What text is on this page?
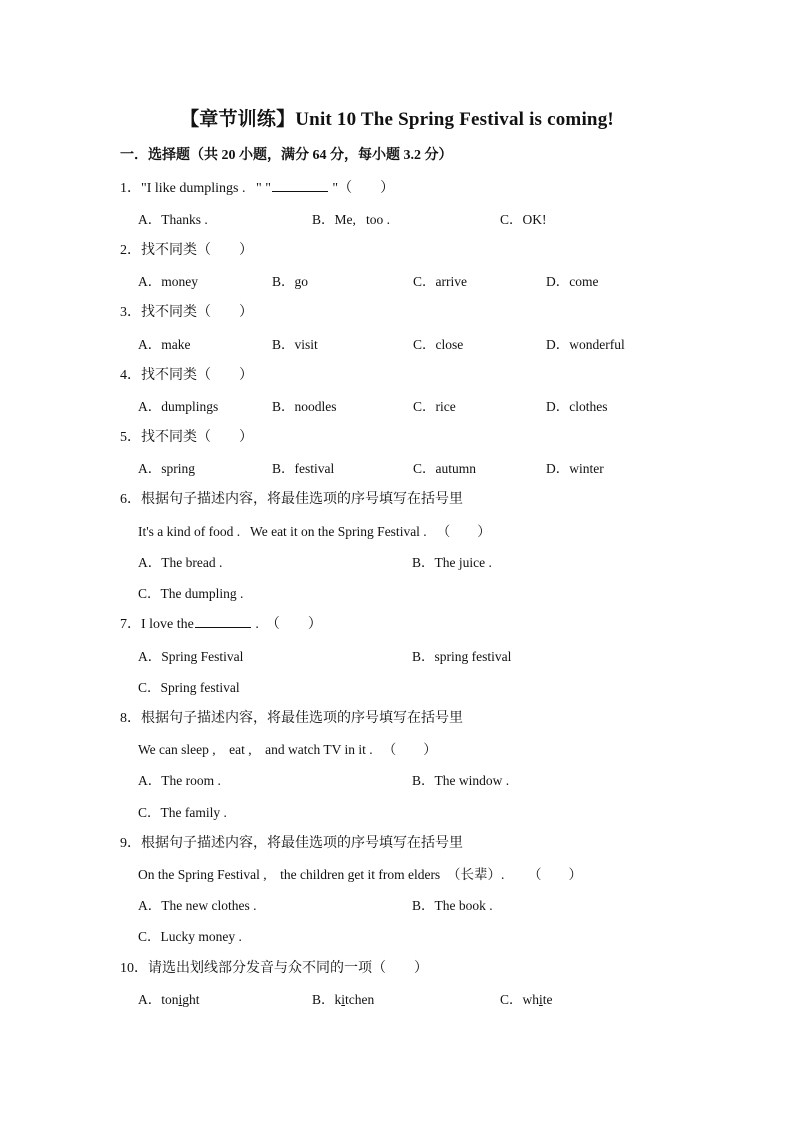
【章节训练】Unit 10 The Spring Festival is coming!
一．选择题（共 20 小题，满分 64 分，每小题 3.2 分）
1．"I like dumplings .   " "	"（　　）
A．Thanks .	B．Me,   too .	C．OK!
2．找不同类（　　）
A．money	B．go	C．arrive	D．come
3．找不同类（　　）
A．make	B．visit	C．close	D．wonderful
4．找不同类（　　）
A．dumplings	B．noodles	C．rice	D．clothes
5．找不同类（　　）
A．spring	B．festival	C．autumn	D．winter
6．根据句子描述内容，将最佳选项的序号填写在括号里
It's a kind of food .   We eat it on the Spring Festival .   （　　）
A．The bread .	B．The juice .
C．The dumpling .
7．I love the	.  （　　）
A．Spring Festival	B．spring festival
C．Spring festival
8．根据句子描述内容，将最佳选项的序号填写在括号里
We can sleep ,    eat ,    and watch TV in it .   （　　）
A．The room .	B．The window .
C．The family .
9．根据句子描述内容，将最佳选项的序号填写在括号里
On the Spring Festival ,    the children get it from elders  （长辈）.       （　　）
A．The new clothes .	B．The book .
C．Lucky money .
10．请选出划线部分发音与众不同的一项（　　）
A．tonight	B．kitchen	C．white
